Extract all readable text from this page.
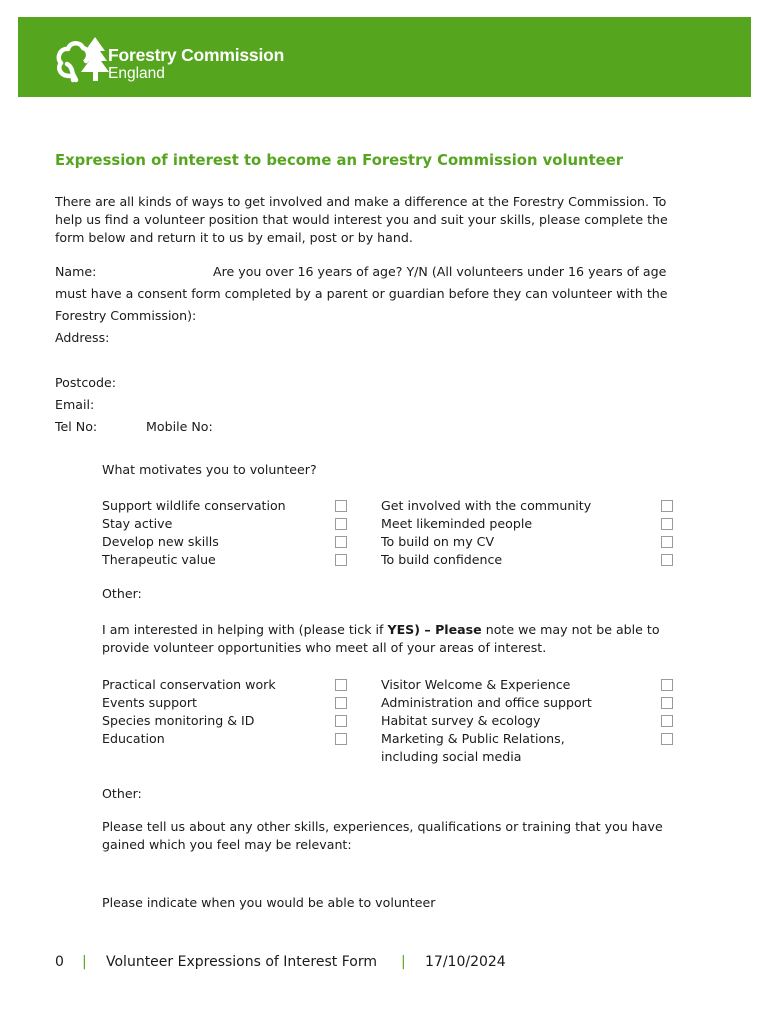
Forestry Commission
England
Expression of interest to become an Forestry Commission volunteer
There are all kinds of ways to get involved and make a difference at the Forestry Commission. To
help us find a volunteer position that would interest you and suit your skills, please complete the
form below and return it to us by email, post or by hand.
Name:	Are you over 16 years of age? Y/N (All volunteers under 16 years of age
must have a consent form completed by a parent or guardian before they can volunteer with the
Forestry Commission):
Address:
Postcode:
Email:
Tel No:	Mobile No:
What motivates you to volunteer?
Support wildlife conservation
Stay active
Develop new skills
Therapeutic value
Get involved with the community
Meet likeminded people
To build on my CV
To build confidence
Other:
I am interested in helping with (please tick if YES) – Please note we may not be able to
provide volunteer opportunities who meet all of your areas of interest.
Practical conservation work
Events support
Species monitoring & ID
Education
Visitor Welcome & Experience
Administration and office support
Habitat survey & ecology
Marketing & Public Relations,
including social media
Other:
Please tell us about any other skills, experiences, qualifications or training that you have
gained which you feel may be relevant:
Please indicate when you would be able to volunteer
0 | Volunteer Expressions of Interest Form | 17/10/2024
